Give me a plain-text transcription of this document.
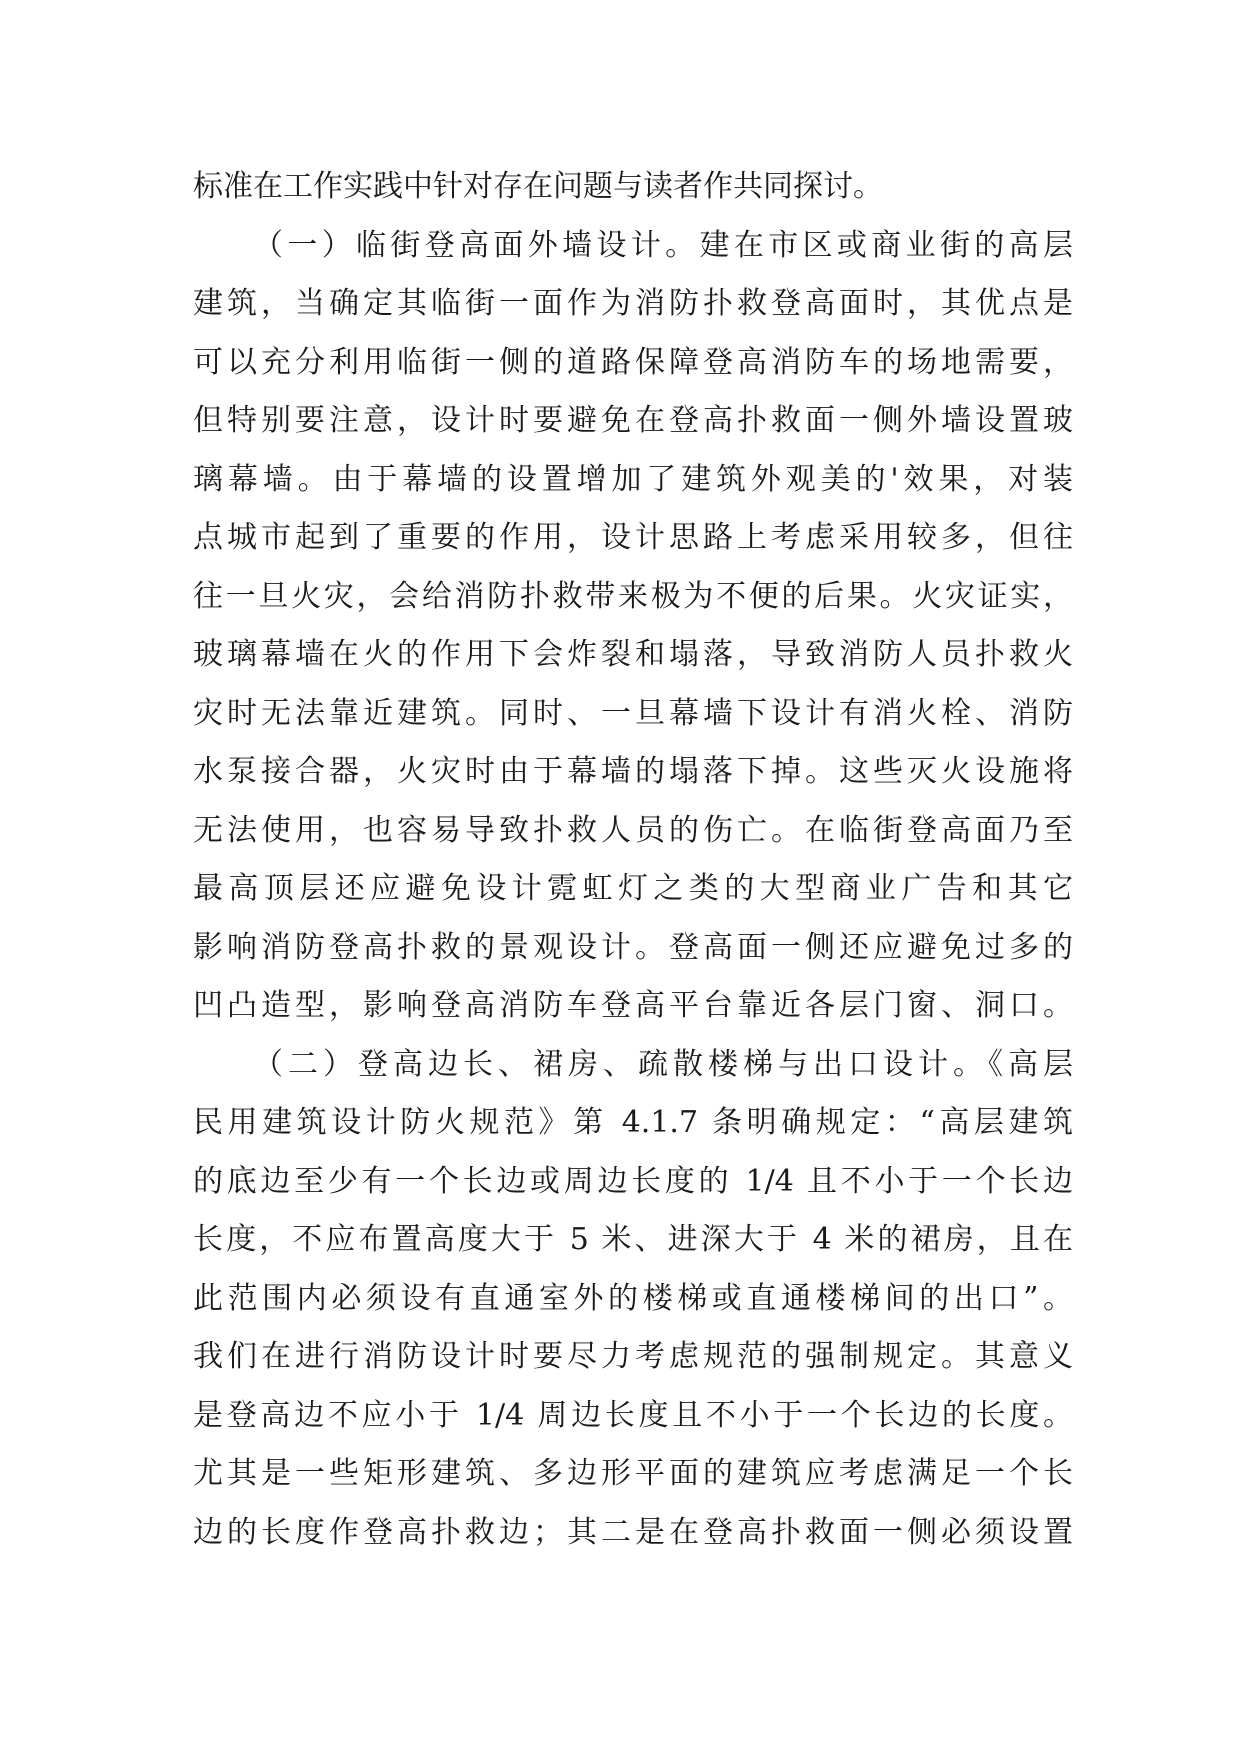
标准在工作实践中针对存在问题与读者作共同探讨。
（一）临街登高面外墙设计。建在市区或商业街的高层
建筑，当确定其临街一面作为消防扑救登高面时，其优点是
可以充分利用临街一侧的道路保障登高消防车的场地需要，
但特别要注意，设计时要避免在登高扑救面一侧外墙设置玻
璃幕墙。由于幕墙的设置增加了建筑外观美的'效果，对装
点城市起到了重要的作用，设计思路上考虑采用较多，但往
往一旦火灾，会给消防扑救带来极为不便的后果。火灾证实，
玻璃幕墙在火的作用下会炸裂和塌落，导致消防人员扑救火
灾时无法靠近建筑。同时、一旦幕墙下设计有消火栓、消防
水泵接合器，火灾时由于幕墙的塌落下掉。这些灭火设施将
无法使用，也容易导致扑救人员的伤亡。在临街登高面乃至
最高顶层还应避免设计霓虹灯之类的大型商业广告和其它
影响消防登高扑救的景观设计。登高面一侧还应避免过多的
凹凸造型，影响登高消防车登高平台靠近各层门窗、洞口。
（二）登高边长、裙房、疏散楼梯与出口设计。《高层
民用建筑设计防火规范》第 4.1.7 条明确规定：“高层建筑
的底边至少有一个长边或周边长度的 1/4 且不小于一个长边
长度，不应布置高度大于 5 米、进深大于 4 米的裙房，且在
此范围内必须设有直通室外的楼梯或直通楼梯间的出口”。
我们在进行消防设计时要尽力考虑规范的强制规定。其意义
是登高边不应小于 1/4 周边长度且不小于一个长边的长度。
尤其是一些矩形建筑、多边形平面的建筑应考虑满足一个长
边的长度作登高扑救边；其二是在登高扑救面一侧必须设置
